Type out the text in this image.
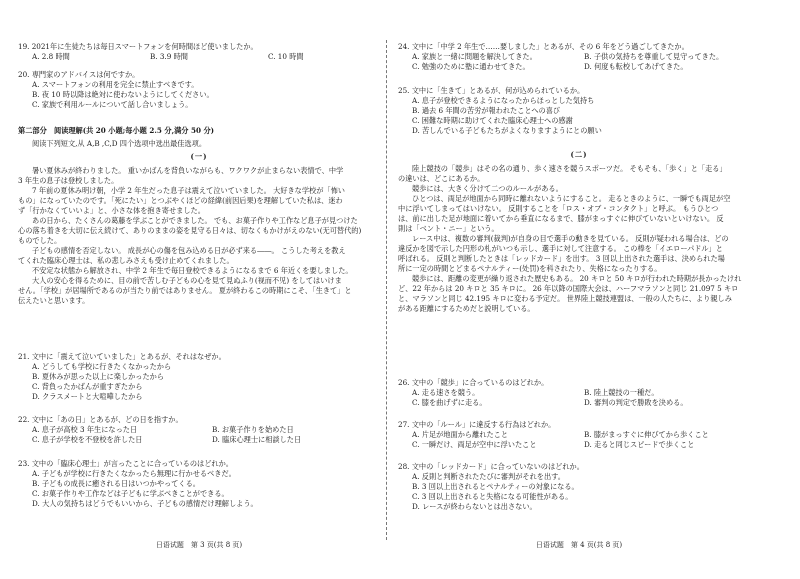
19. 2021年に生徒たちは毎日スマートフォンを何時間ほど使いましたか。
A. 2.8 時間	B. 3.9 時間	C. 10 時間
20. 専門家のアドバイスは何ですか。
A. スマートフォンの利用を完全に禁止すべきです。
B. 夜 10 時以降は絶対に使わないようにしてください。
C. 家族で利用ルールについて話し合いましょう。
第二部分　阅读理解(共 20 小题;每小题 2.5 分,满分 50 分)
阅读下列短文,从 A,B ,C,D 四个选项中选出最佳选项。
(一)
暑い夏休みが終わりました。 重いかばんを背負いながらも、ワクワクが止まらない表情で、中学
3 年生の息子は登校しました。
7 年前の夏休み明け朝，小学 2 年生だった息子は震えて泣いていました。 大好きな学校が「怖い
もの」になっていたのです。「死にたい」とつぶやくほどの経緯(前因后果)を理解していた私は、迷わ
ず「行かなくていいよ」と、小さな体を抱き寄せました。
あの日から、たくさんの葛藤を学ぶことができました。 でも、お菓子作りや工作など息子が見つけた
心の落ち着きを大切に伝え続けて、ありのままの姿を見守る日々は、切なくもかけがえのない(无可替代的)
ものでした。
子どもの感情を否定しない。 成長が心の傷を包み込める日が必ず来る――。 こうした考えを教え
てくれた臨床心理士は、私の悲しみさえも受け止めてくれました。
不安定な状態から解放され、中学 2 年生で毎日登校できるようになるまで 6 年近くを要しました。
大人の安心を得るために、目の前で苦しむ子どもの心を見て見ぬふり(视而不见) をしてはいけま
せん。「学校」が居場所であるのが当たり前ではありません。 夏が終わるこの時期にこそ、「生きて」と
伝えたいと思います。
21. 文中に「震えて泣いていました」とあるが、それはなぜか。
A. どうしても学校に行きたくなかったから
B. 夏休みが思った以上に楽しかったから
C. 背負ったかばんが重すぎたから
D. クラスメートと大喧嘩したから
22. 文中に「あの日」とあるが、どの日を指すか。
A. 息子が高校 3 年生になった日	B. お菓子作りを始めた日
C. 息子が学校を不登校を許した日	D. 臨床心理士に相談した日
23. 文中の「臨床心理士」が言ったことに合っているのはどれか。
A. 子どもが学校に行きたくなかったら無理に行かせるべきだ。
B. 子どもの成長に癒される日はいつかやってくる。
C. お菓子作りや工作などは子どもに学ぶべきことができる。
D. 大人の気持ちはどうでもいいから、子どもの感情だけ理解しよう。
日语试题　第 3 页(共 8 页)
24. 文中に「中学 2 年生で……要しました」とあるが、その 6 年をどう過ごしてきたか。
A. 家族と一緒に問題を解決してきた。	B. 子供の気持ちを尊重して見守ってきた。
C. 勉強のために塾に通わせてきた。	D. 何度も転校してあげてきた。
25. 文中に「生きて」とあるが、何が込められているか。
A. 息子が登校できるようになったからほっとした気持ち
B. 過去 6 年間の苦労が報われたことへの喜び
C. 困難な時期に助けてくれた臨床心理士への感謝
D. 苦しんでいる子どもたちがよくなりますようにとの願い
(二)
陸上競技の「競歩」はその名の通り、歩く速さを競うスポーツだ。 そもそも、「歩く」と「走る」
の違いは、どこにあるか。
競歩には、大きく分けて二つのルールがある。
ひとつは、両足が地面から同時に離れないようにすること。 走るときのように、一瞬でも両足が空
中に浮いてしまってはいけない。 反則することを「ロス・オブ・コンタクト」と呼ぶ。 もうひとつ
は、前に出した足が地面に着いてから垂直になるまで、膝がまっすぐに伸びていないといけない。 反
則は「ベント・ニー」という。
レース中は、複数の審判(裁判)が自身の目で選手の動きを見ている。 反則が疑われる場合は、どの
違反かを図で示した円形の札がいつも示し、選手に対して注意する。 この棒を「イエローパドル」と
呼ばれる。 反則と判断したときは「レッドカード」を出す。 3 回以上出された選手は、決められた場
所に一定の時間とどまるペナルティー(处罚)を科されたり、失格になったりする。
競歩には、距離の変更が繰り返された歴史もある。 20 キロと 50 キロが行われた時期が長かったけれ
ど、22 年からは 20 キロと 35 キロに。 26 年以降の国際大会は、ハーフマラソンと同じ 21.097 5 キロ
と、マラソンと同じ 42.195 キロに変わる予定だ。 世界陸上競技連盟は、一般の人たちに、より親しみ
がある距離にするためだと説明している。
26. 文中の「競歩」に合っているのはどれか。
A. 走る速さを競う。	B. 陸上競技の一種だ。
C. 膝を曲げずに走る。	D. 審判の判定で勝敗を決める。
27. 文中の「ルール」に違反する行為はどれか。
A. 片足が地面から離れたこと	B. 膝がまっすぐに伸びてから歩くこと
C. 一瞬だけ、両足が空中に浮いたこと	D. 走ると同じスピードで歩くこと
28. 文中の「レッドカード」に合っていないのはどれか。
A. 反則と判断されたたびに審判がそれを出す。
B. 3 回以上出されるとペナルティーの対象になる。
C. 3 回以上出されると失格になる可能性がある。
D. レースが終わらないとは出さない。
日语试题　第 4 页(共 8 页)
